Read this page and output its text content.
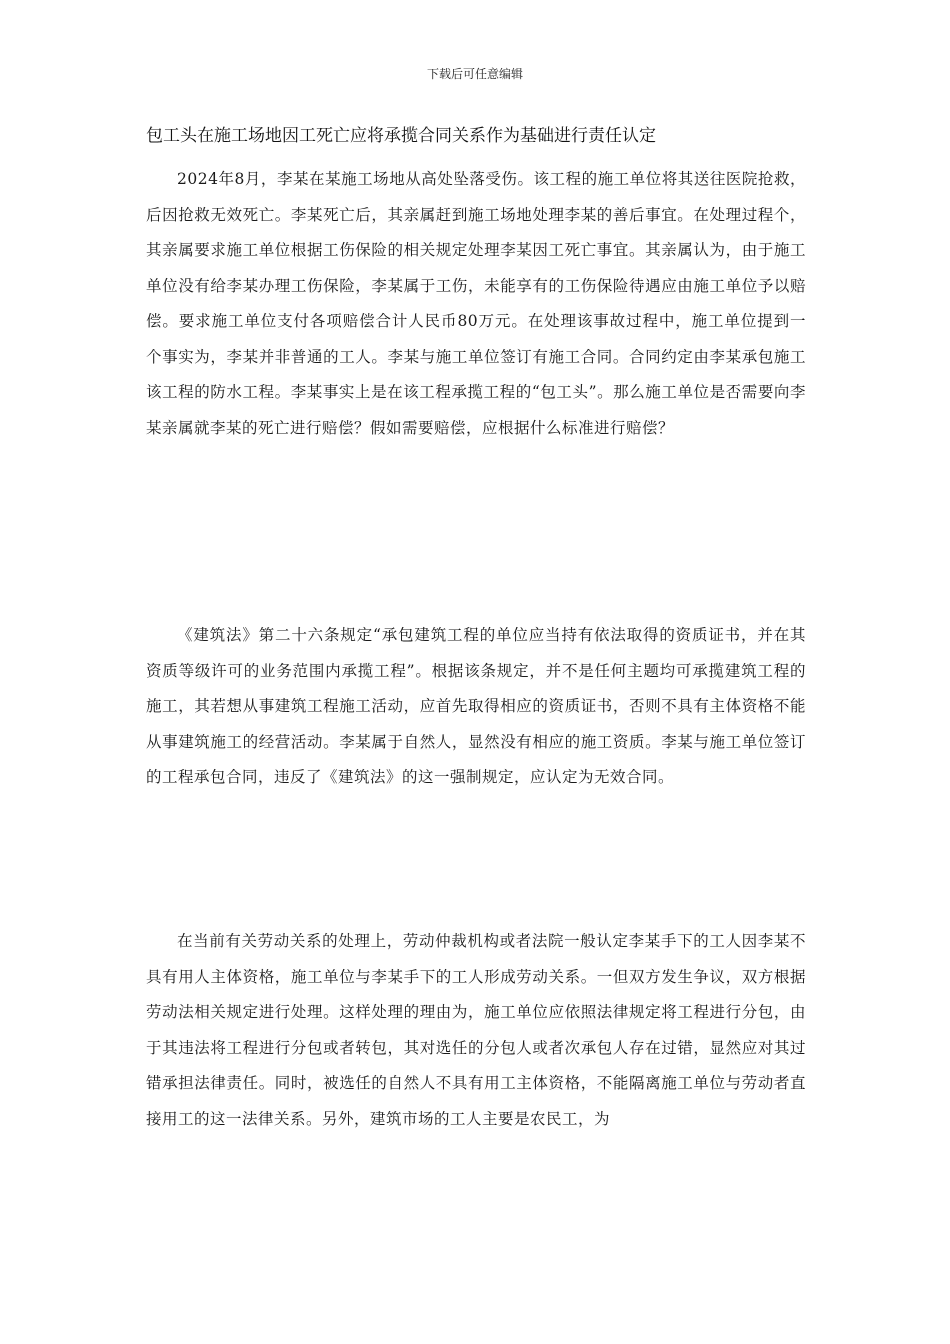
下载后可任意编辑
包工头在施工场地因工死亡应将承揽合同关系作为基础进行责任认定

2024年8月，李某在某施工场地从高处坠落受伤。该工程的施工单位将其送往医院抢救，后因抢救无效死亡。李某死亡后，其亲属赶到施工场地处理李某的善后事宜。在处理过程个，其亲属要求施工单位根据工伤保险的相关规定处理李某因工死亡事宜。其亲属认为，由于施工单位没有给李某办理工伤保险，李某属于工伤，未能享有的工伤保险待遇应由施工单位予以赔偿。要求施工单位支付各项赔偿合计人民币80万元。在处理该事故过程中，施工单位提到一个事实为，李某并非普通的工人。李某与施工单位签订有施工合同。合同约定由李某承包施工该工程的防水工程。李某事实上是在该工程承揽工程的“包工头”。那么施工单位是否需要向李某亲属就李某的死亡进行赔偿？假如需要赔偿，应根据什么标准进行赔偿？

《建筑法》第二十六条规定“承包建筑工程的单位应当持有依法取得的资质证书，并在其资质等级许可的业务范围内承揽工程”。根据该条规定，并不是任何主题均可承揽建筑工程的施工，其若想从事建筑工程施工活动，应首先取得相应的资质证书，否则不具有主体资格不能从事建筑施工的经营活动。李某属于自然人，显然没有相应的施工资质。李某与施工单位签订的工程承包合同，违反了《建筑法》的这一强制规定，应认定为无效合同。

在当前有关劳动关系的处理上，劳动仲裁机构或者法院一般认定李某手下的工人因李某不具有用人主体资格，施工单位与李某手下的工人形成劳动关系。一但双方发生争议，双方根据劳动法相关规定进行处理。这样处理的理由为，施工单位应依照法律规定将工程进行分包，由于其违法将工程进行分包或者转包，其对选任的分包人或者次承包人存在过错，显然应对其过错承担法律责任。同时，被选任的自然人不具有用工主体资格，不能隔离施工单位与劳动者直接用工的这一法律关系。另外，建筑市场的工人主要是农民工，为
